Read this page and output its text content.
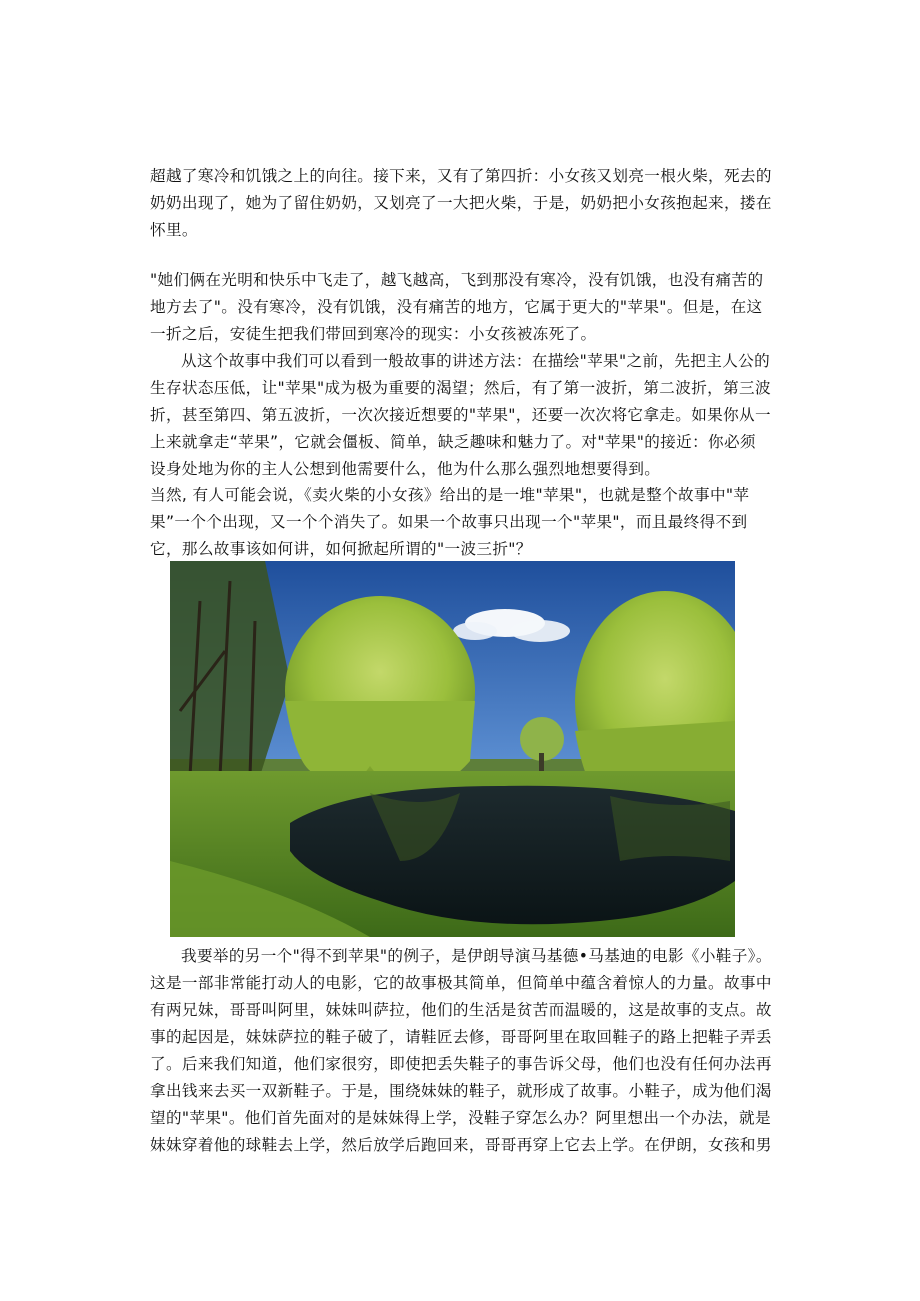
超越了寒冷和饥饿之上的向往。接下来，又有了第四折：小女孩又划亮一根火柴，死去的
奶奶出现了，她为了留住奶奶，又划亮了一大把火柴，于是，奶奶把小女孩抱起来，搂在
怀里。
"她们俩在光明和快乐中飞走了，越飞越高，飞到那没有寒冷，没有饥饿，也没有痛苦的
地方去了"。没有寒冷，没有饥饿，没有痛苦的地方，它属于更大的"苹果"。但是，在这
一折之后，安徒生把我们带回到寒冷的现实：小女孩被冻死了。
从这个故事中我们可以看到一般故事的讲述方法：在描绘"苹果"之前，先把主人公的
生存状态压低，让"苹果"成为极为重要的渴望；然后，有了第一波折，第二波折，第三波
折，甚至第四、第五波折，一次次接近想要的"苹果"，还要一次次将它拿走。如果你从一
上来就拿走“苹果”，它就会僵板、简单，缺乏趣味和魅力了。对"苹果"的接近：你必须
设身处地为你的主人公想到他需要什么，他为什么那么强烈地想要得到。
当然, 有人可能会说，《卖火柴的小女孩》给出的是一堆"苹果"，也就是整个故事中"苹
果”一个个出现，又一个个消失了。如果一个故事只出现一个"苹果"，而且最终得不到
它，那么故事该如何讲，如何掀起所谓的"一波三折"？
我要举的另一个"得不到苹果"的例子，是伊朗导演马基德•马基迪的电影《小鞋子》。
这是一部非常能打动人的电影，它的故事极其简单，但简单中蕴含着惊人的力量。故事中
有两兄妹，哥哥叫阿里，妹妹叫萨拉，他们的生活是贫苦而温暖的，这是故事的支点。故
事的起因是，妹妹萨拉的鞋子破了，请鞋匠去修，哥哥阿里在取回鞋子的路上把鞋子弄丢
了。后来我们知道，他们家很穷，即使把丢失鞋子的事告诉父母，他们也没有任何办法再
拿出钱来去买一双新鞋子。于是，围绕妹妹的鞋子，就形成了故事。小鞋子，成为他们渴
望的"苹果"。他们首先面对的是妹妹得上学，没鞋子穿怎么办？阿里想出一个办法，就是
妹妹穿着他的球鞋去上学，然后放学后跑回来，哥哥再穿上它去上学。在伊朗，女孩和男
